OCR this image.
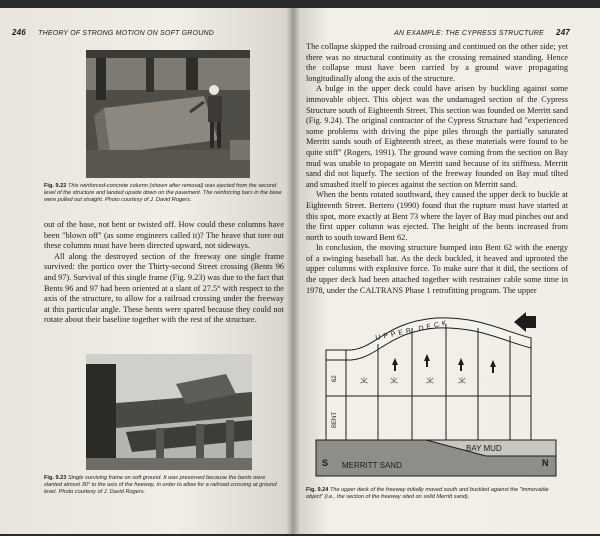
246 THEORY OF STRONG MOTION ON SOFT GROUND
Fig. 9.22 This reinforced-concrete column (shown after removal) was ejected from the second level of the structure and landed upside down on the pavement. The reinforcing bars in the base were pulled out straight. Photo courtesy of J. David Rogers.

out of the base, not bent or twisted off. How could these columns have been "blown off" (as some engineers called it)? The heave that tore out these columns must have been directed upward, not sideways.

All along the destroyed section of the freeway one single frame survived: the portico over the Thirty-second Street crossing (Bents 96 and 97). Survival of this single frame (Fig. 9.23) was due to the fact that Bents 96 and 97 had been oriented at a slant of 27.5° with respect to the axis of the structure, to allow for a railroad crossing under the freeway at this particular angle. These bents were spared because they could not rotate about their baseline together with the rest of the structure.

Fig. 9.23 Single surviving frame on soft ground. It was preserved because the bents were slanted almost 30° to the axis of the freeway, in order to allow for a railroad crossing at ground level. Photo courtesy of J. David Rogers.
AN EXAMPLE: THE CYPRESS STRUCTURE 247

The collapse skipped the railroad crossing and continued on the other side; yet there was no structural continuity as the crossing remained standing. Hence the collapse must have been carried by a ground wave propagating longitudinally along the axis of the structure.

A bulge in the upper deck could have arisen by buckling against some immovable object. This object was the undamaged section of the Cypress Structure south of Eighteenth Street. This section was founded on Merritt sand (Fig. 9.24). The original contractor of the Cypress Structure had "experienced some problems with driving the pipe piles through the partially saturated Merritt sands south of Eighteenth street, as these materials were found to be quite stiff" (Rogers, 1991). The ground wave coming from the section on Bay mud was unable to propagate on Merritt sand because of its stiffness. Merritt sand did not liquefy. The section of the freeway founded on Bay mud tilted and smashed itself to pieces against the section on Merritt sand.

When the bents rotated southward, they caused the upper deck to buckle at Eighteenth Street. Bertero (1990) found that the rupture must have started at this spot, more exactly at Bent 73 where the layer of Bay mud pinches out and the first upper column was ejected. The height of the bents increased from north to south toward Bent 62.

In conclusion, the moving structure bumped into Bent 62 with the energy of a swinging baseball bat. As the deck buckled, it heaved and uprooted the upper columns with explosive force. To make sure that it did, the sections of the upper deck had been attached together with restrainer cable some time in 1978, under the CALTRANS Phase 1 retrofitting program. The upper

UPPER DECK
62
BENT
BAY MUD
MERRITT SAND
S	N
Fig. 9.24 The upper deck of the freeway initially moved south and buckled against the "immovable object" (i.e., the section of the freeway sited on solid Merritt sand).
